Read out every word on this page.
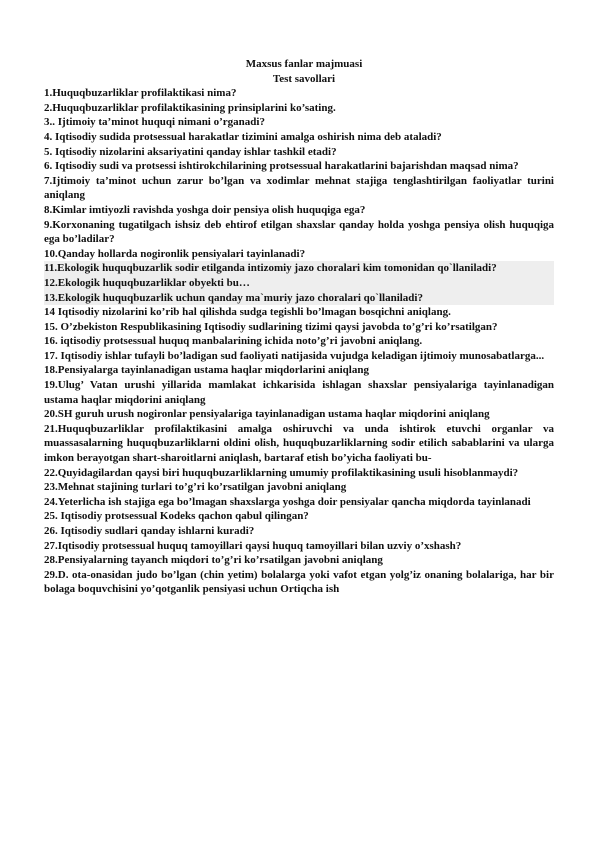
Maxsus fanlar majmuasi
Test savollari

1.Huquqbuzarliklar profilaktikasi nima?

2.Huquqbuzarliklar profilaktikasining prinsiplarini ko’sating.

3.. Ijtimoiy ta’minot huquqi nimani o’rganadi?

4. Iqtisodiy sudida protsessual harakatlar tizimini amalga oshirish nima deb ataladi?

5. Iqtisodiy nizolarini aksariyatini qanday ishlar tashkil etadi?

6. Iqtisodiy sudi va protsessi ishtirokchilarining protsessual harakatlarini bajarishdan maqsad nima?

7.Ijtimoiy ta’minot uchun zarur bo’lgan va xodimlar mehnat stajiga tenglashtirilgan faoliyatlar turini aniqlang

8.Kimlar imtiyozli ravishda yoshga doir pensiya olish huquqiga ega?

9.Korxonaning tugatilgach ishsiz deb ehtirof etilgan shaxslar qanday holda yoshga pensiya olish huquqiga ega bo’ladilar?

10.Qanday hollarda nogironlik pensiyalari tayinlanadi?

11.Ekologik huquqbuzarlik sodir etilganda intizomiy jazo choralari kim tomonidan qo`llaniladi?

12.Ekologik huquqbuzarliklar obyekti bu…

13.Ekologik huquqbuzarlik uchun qanday ma`muriy jazo choralari qo`llaniladi?

14 Iqtisodiy nizolarini ko’rib hal qilishda sudga tegishli bo’lmagan bosqichni aniqlang.

15. O’zbekiston Respublikasining Iqtisodiy sudlarining tizimi qaysi javobda to’g’ri ko’rsatilgan?

16. iqtisodiy protsessual huquq manbalarining ichida noto’g’ri javobni aniqlang.

17. Iqtisodiy ishlar tufayli bo’ladigan sud faoliyati natijasida vujudga keladigan ijtimoiy munosabatlarga...

18.Pensiyalarga tayinlanadigan ustama haqlar miqdorlarini aniqlang

19.Ulug’ Vatan urushi yillarida mamlakat ichkarisida ishlagan shaxslar pensiyalariga tayinlanadigan ustama haqlar miqdorini aniqlang

20.SH guruh urush nogironlar pensiyalariga tayinlanadigan ustama haqlar miqdorini aniqlang

21.Huquqbuzarliklar profilaktikasini amalga oshiruvchi va unda ishtirok etuvchi organlar va muassasalarning huquqbuzarliklarni oldini olish, huquqbuzarliklarning sodir etilich sabablarini va ularga imkon berayotgan shart-sharoitlarni aniqlash, bartaraf etish bo’yicha faoliyati bu-

22.Quyidagilardan qaysi biri huquqbuzarliklarning umumiy profilaktikasining usuli hisoblanmaydi?

23.Mehnat stajining turlari to’g’ri ko’rsatilgan javobni aniqlang

24.Yeterlicha ish stajiga ega bo’lmagan shaxslarga yoshga doir pensiyalar qancha miqdorda tayinlanadi

25. Iqtisodiy protsessual Kodeks qachon qabul qilingan?

26. Iqtisodiy sudlari qanday ishlarni kuradi?

27.Iqtisodiy protsessual huquq tamoyillari qaysi huquq tamoyillari bilan uzviy o’xshash?

28.Pensiyalarning tayanch miqdori to’g’ri ko’rsatilgan javobni aniqlang

29.D. ota-onasidan judo bo’lgan (chin yetim) bolalarga yoki vafot etgan yolg’iz onaning bolalariga, har bir bolaga boquvchisini yo’qotganlik pensiyasi uchun Ortiqcha ish
